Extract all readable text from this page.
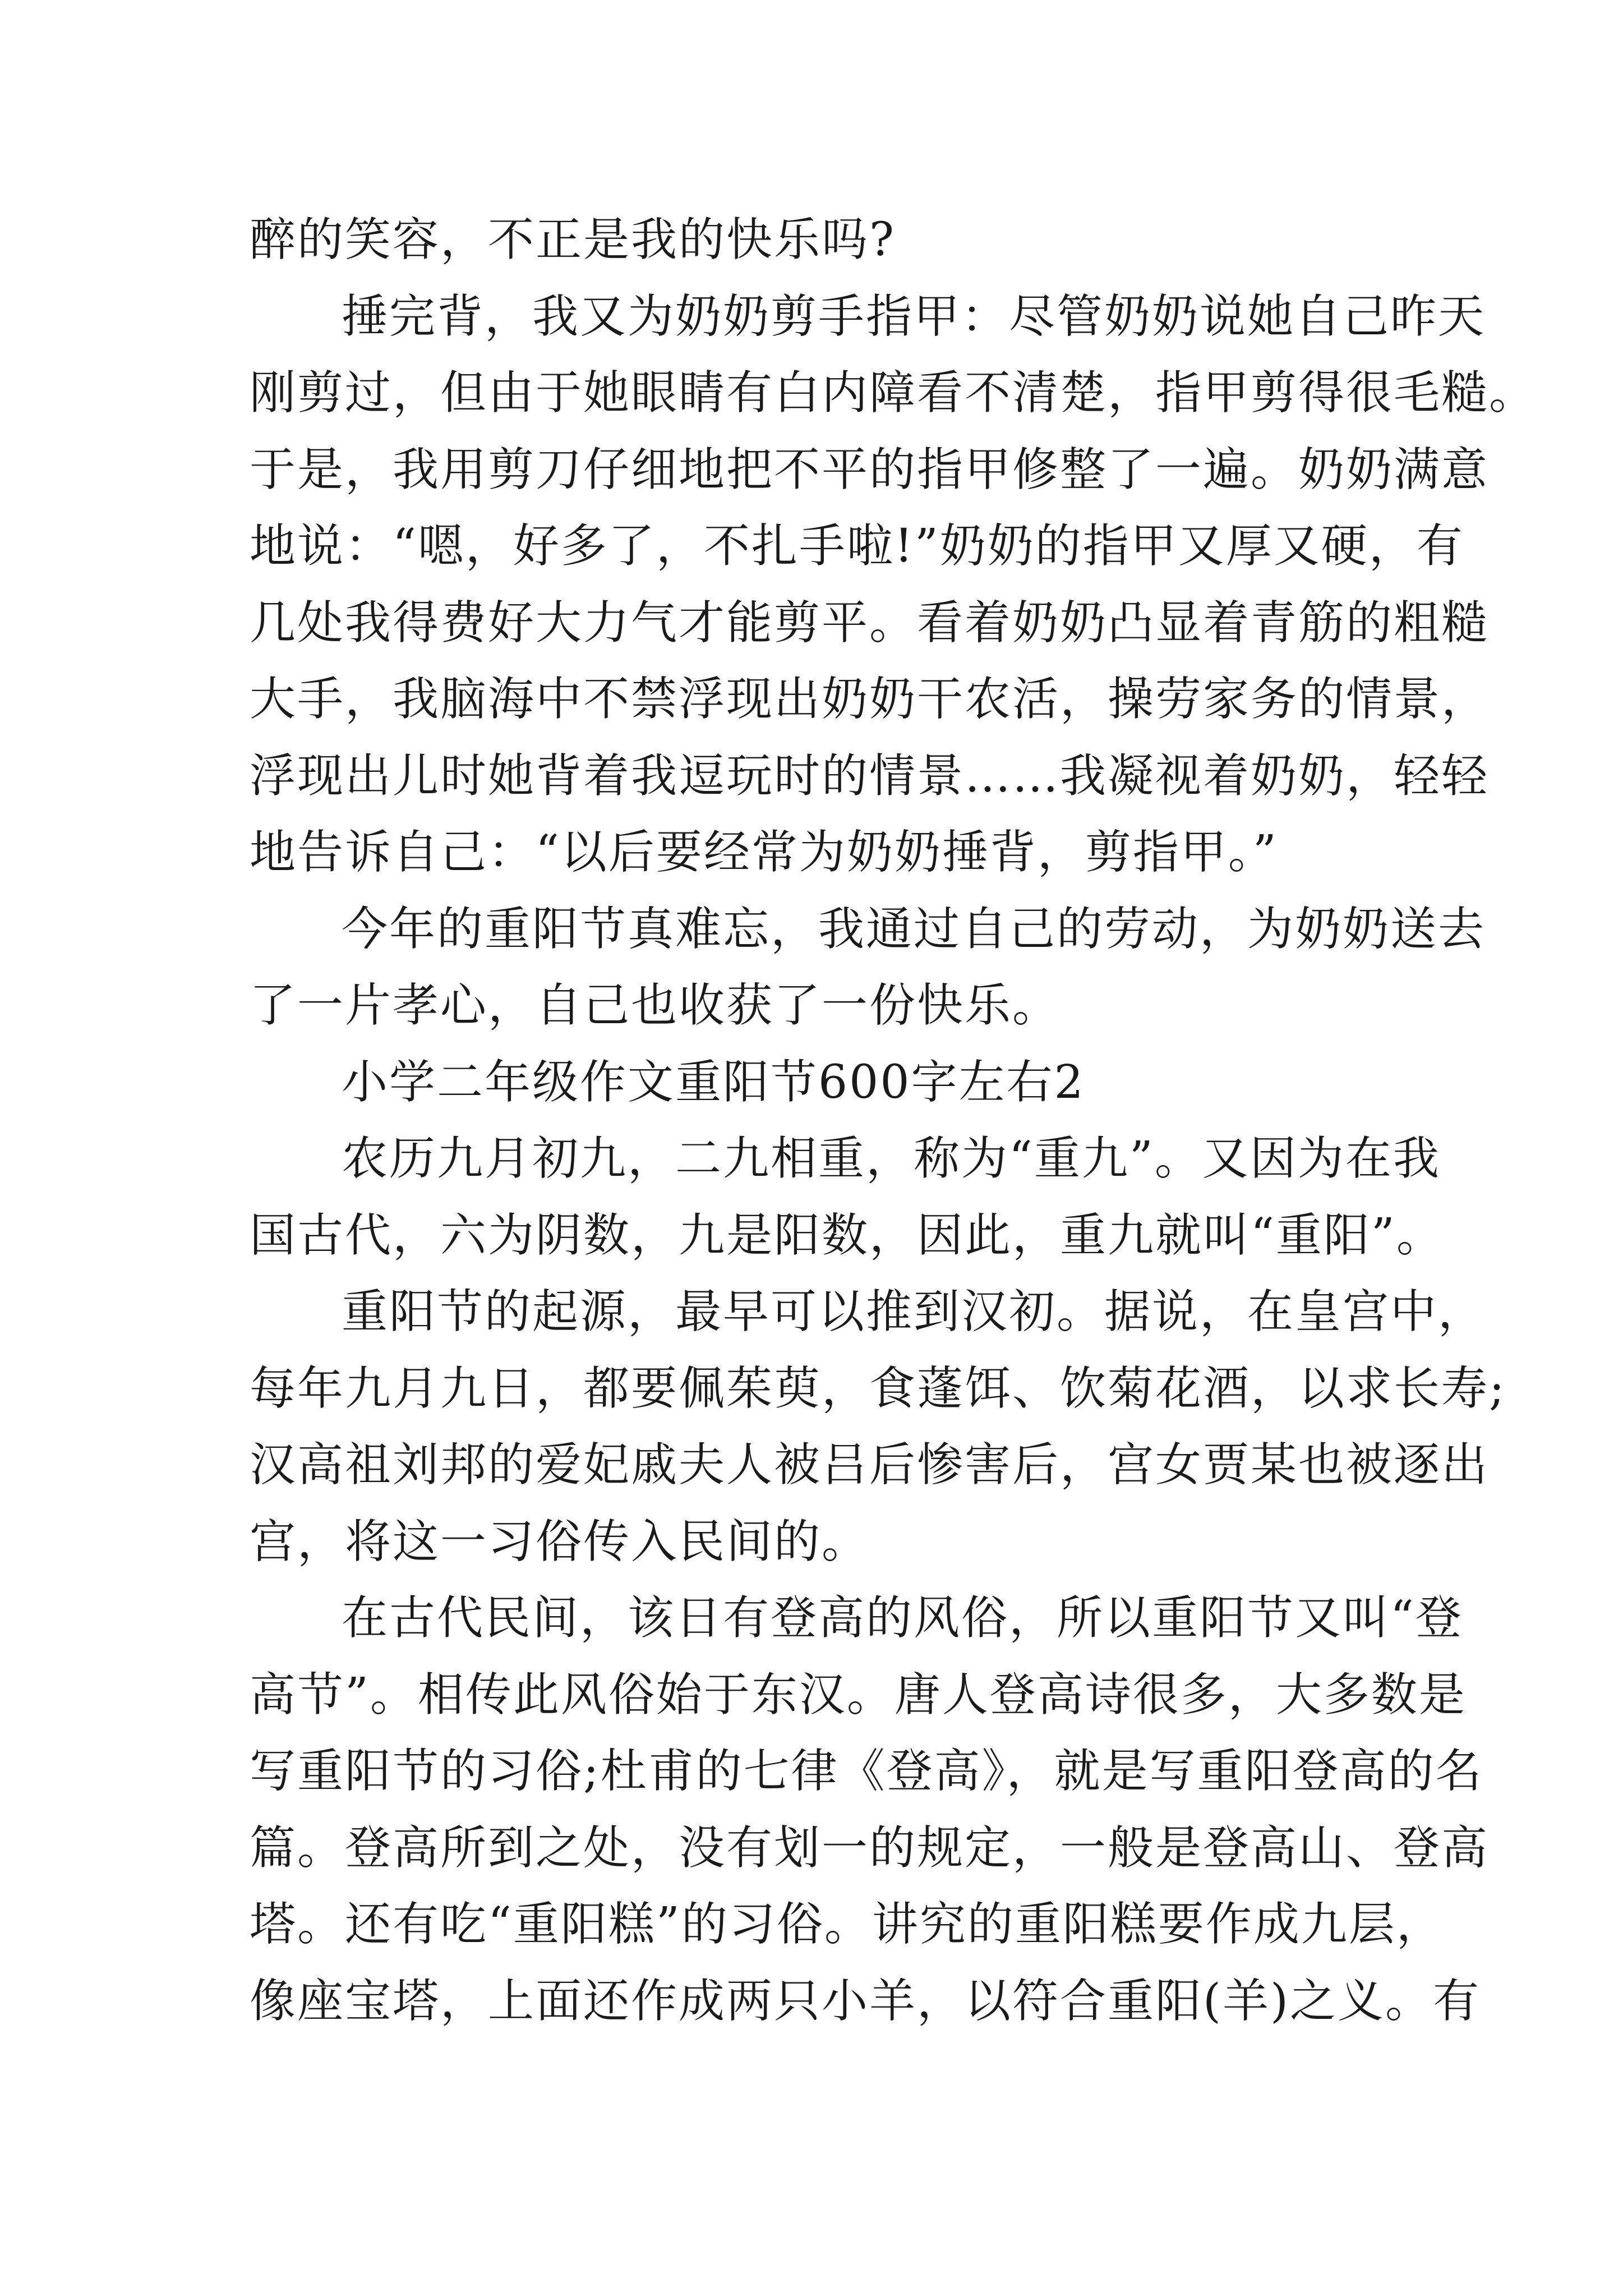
醉的笑容，不正是我的快乐吗?
捶完背，我又为奶奶剪手指甲：尽管奶奶说她自己昨天
刚剪过，但由于她眼睛有白内障看不清楚，指甲剪得很毛糙。
于是，我用剪刀仔细地把不平的指甲修整了一遍。奶奶满意
地说：“嗯，好多了，不扎手啦!”奶奶的指甲又厚又硬，有
几处我得费好大力气才能剪平。看着奶奶凸显着青筋的粗糙
大手，我脑海中不禁浮现出奶奶干农活，操劳家务的情景，
浮现出儿时她背着我逗玩时的情景……我凝视着奶奶，轻轻
地告诉自己：“以后要经常为奶奶捶背，剪指甲。”
今年的重阳节真难忘，我通过自己的劳动，为奶奶送去
了一片孝心，自己也收获了一份快乐。
小学二年级作文重阳节600字左右2
农历九月初九，二九相重，称为“重九”。又因为在我
国古代，六为阴数，九是阳数，因此，重九就叫“重阳”。
重阳节的起源，最早可以推到汉初。据说，在皇宫中，
每年九月九日，都要佩茱萸，食蓬饵、饮菊花酒，以求长寿;
汉高祖刘邦的爱妃戚夫人被吕后惨害后，宫女贾某也被逐出
宫，将这一习俗传入民间的。
在古代民间，该日有登高的风俗，所以重阳节又叫“登
高节”。相传此风俗始于东汉。唐人登高诗很多，大多数是
写重阳节的习俗;杜甫的七律《登高》，就是写重阳登高的名
篇。登高所到之处，没有划一的规定，一般是登高山、登高
塔。还有吃“重阳糕”的习俗。讲究的重阳糕要作成九层，
像座宝塔，上面还作成两只小羊，以符合重阳(羊)之义。有
